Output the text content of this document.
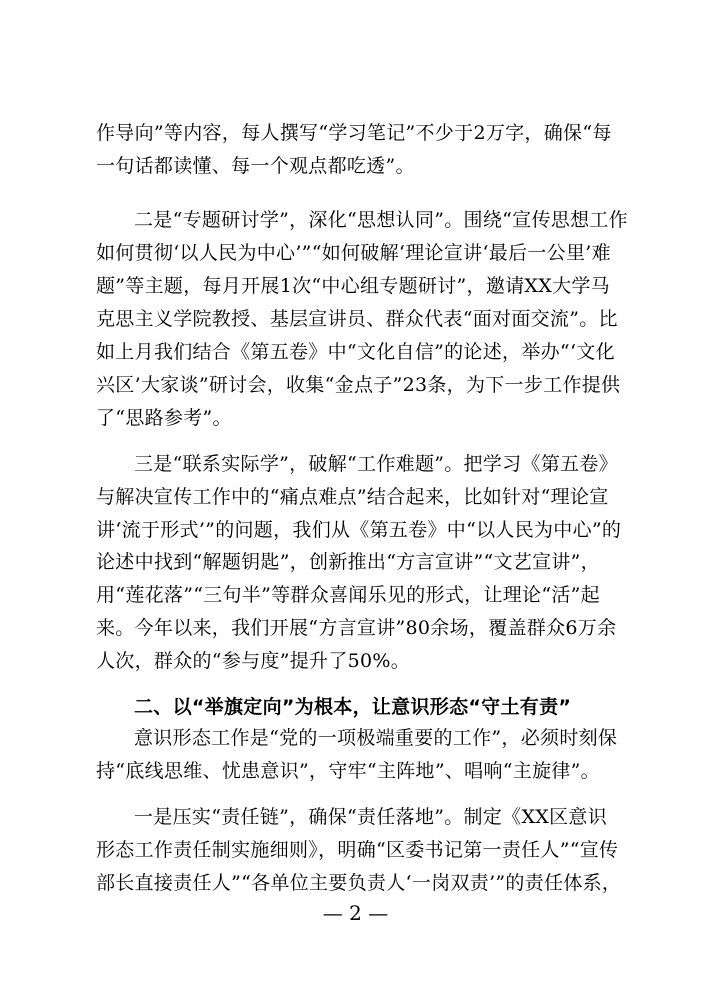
作导向”等内容，每人撰写“学习笔记”不少于2万字，确保“每
一句话都读懂、每一个观点都吃透”。
二是“专题研讨学”，深化“思想认同”。围绕“宣传思想工作
如何贯彻‘以人民为中心’”“如何破解‘理论宣讲‘最后一公里’难
题”等主题，每月开展1次“中心组专题研讨”，邀请XX大学马
克思主义学院教授、基层宣讲员、群众代表“面对面交流”。比
如上月我们结合《第五卷》中“文化自信”的论述，举办“‘文化
兴区’大家谈”研讨会，收集“金点子”23条，为下一步工作提供
了“思路参考”。
三是“联系实际学”，破解“工作难题”。把学习《第五卷》
与解决宣传工作中的“痛点难点”结合起来，比如针对“理论宣
讲‘流于形式’”的问题，我们从《第五卷》中“以人民为中心”的
论述中找到“解题钥匙”，创新推出“方言宣讲”“文艺宣讲”，
用“莲花落”“三句半”等群众喜闻乐见的形式，让理论“活”起
来。今年以来，我们开展“方言宣讲”80余场，覆盖群众6万余
人次，群众的“参与度”提升了50%。
二、以“举旗定向”为根本，让意识形态“守土有责”
意识形态工作是“党的一项极端重要的工作”，必须时刻保
持“底线思维、忧患意识”，守牢“主阵地”、唱响“主旋律”。
一是压实“责任链”，确保“责任落地”。制定《XX区意识
形态工作责任制实施细则》，明确“区委书记第一责任人”“宣传
部长直接责任人”“各单位主要负责人‘一岗双责’”的责任体系，
— 2 —
